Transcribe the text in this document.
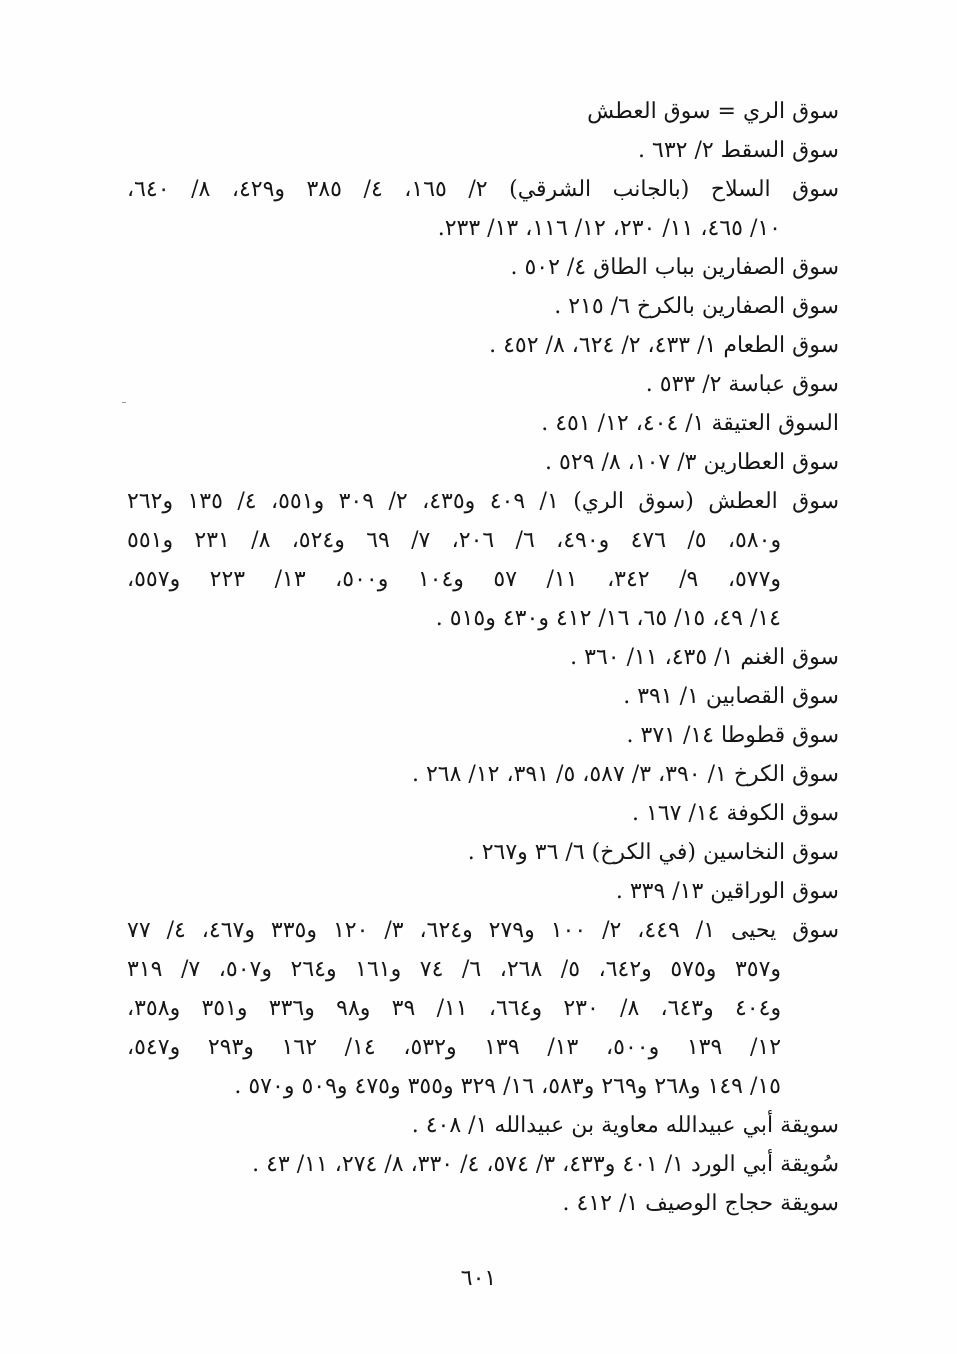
سوق الري = سوق العطش
سوق السقط ٢/ ٦٣٢ .
سوق السلاح (بالجانب الشرقي) ٢/ ١٦٥، ٤/ ٣٨٥ و٤٢٩، ٨/ ٦٤٠،
١٠/ ٤٦٥، ١١/ ٢٣٠، ١٢/ ١١٦، ١٣/ ٢٣٣.
سوق الصفارين بباب الطاق ٤/ ٥٠٢ .
سوق الصفارين بالكرخ ٦/ ٢١٥ .
سوق الطعام ١/ ٤٣٣، ٢/ ٦٢٤، ٨/ ٤٥٢ .
سوق عباسة ٢/ ٥٣٣ .
السوق العتيقة ١/ ٤٠٤، ١٢/ ٤٥١ .
سوق العطارين ٣/ ١٠٧، ٨/ ٥٢٩ .
سوق العطش (سوق الري) ١/ ٤٠٩ و٤٣٥، ٢/ ٣٠٩ و٥٥١، ٤/ ١٣٥ و٢٦٢
و٥٨٠، ٥/ ٤٧٦ و٤٩٠، ٦/ ٢٠٦، ٧/ ٦٩ و٥٢٤، ٨/ ٢٣١ و٥٥١
و٥٧٧، ٩/ ٣٤٢، ١١/ ٥٧ و١٠٤ و٥٠٠، ١٣/ ٢٢٣ و٥٥٧،
١٤/ ٤٩، ١٥/ ٦٥، ١٦/ ٤١٢ و٤٣٠ و٥١٥ .
سوق الغنم ١/ ٤٣٥، ١١/ ٣٦٠ .
سوق القصابين ١/ ٣٩١ .
سوق قطوطا ١٤/ ٣٧١ .
سوق الكرخ ١/ ٣٩٠، ٣/ ٥٨٧، ٥/ ٣٩١، ١٢/ ٢٦٨ .
سوق الكوفة ١٤/ ١٦٧ .
سوق النخاسين (في الكرخ) ٦/ ٣٦ و٢٦٧ .
سوق الوراقين ١٣/ ٣٣٩ .
سوق يحيى ١/ ٤٤٩، ٢/ ١٠٠ و٢٧٩ و٦٢٤، ٣/ ١٢٠ و٣٣٥ و٤٦٧، ٤/ ٧٧
و٣٥٧ و٥٧٥ و٦٤٢، ٥/ ٢٦٨، ٦/ ٧٤ و١٦١ و٢٦٤ و٥٠٧، ٧/ ٣١٩
و٤٠٤ و٦٤٣، ٨/ ٢٣٠ و٦٦٤، ١١/ ٣٩ و٩٨ و٣٣٦ و٣٥١ و٣٥٨،
١٢/ ١٣٩ و٥٠٠، ١٣/ ١٣٩ و٥٣٢، ١٤/ ١٦٢ و٢٩٣ و٥٤٧،
١٥/ ١٤٩ و٢٦٨ و٢٦٩ و٥٨٣، ١٦/ ٣٢٩ و٣٥٥ و٤٧٥ و٥٠٩ و٥٧٠ .
سويقة أبي عبيدالله معاوية بن عبيدالله ١/ ٤٠٨ .
سُويقة أبي الورد ١/ ٤٠١ و٤٣٣، ٣/ ٥٧٤، ٤/ ٣٣٠، ٨/ ٢٧٤، ١١/ ٤٣ .
سويقة حجاج الوصيف ١/ ٤١٢ .
٦٠١
